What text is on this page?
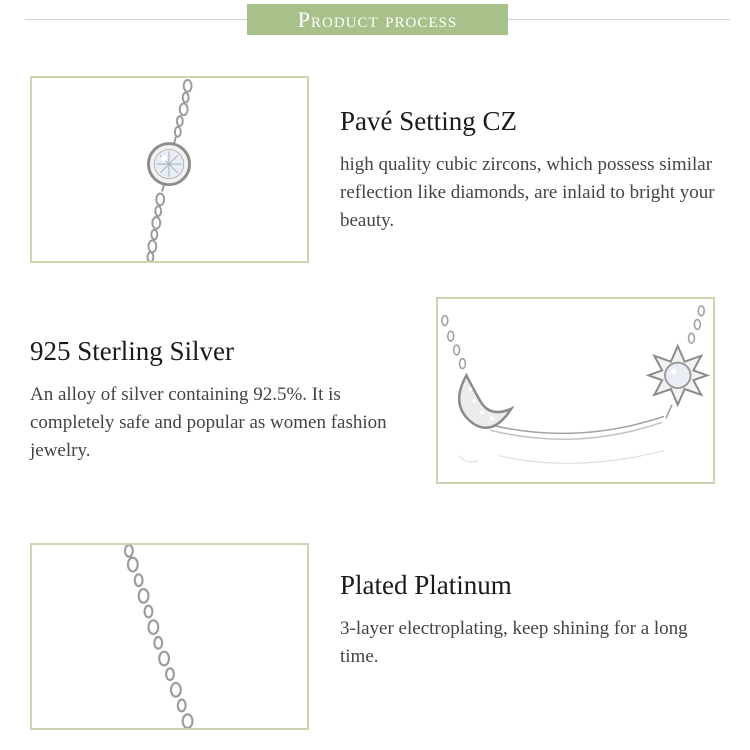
Product process
Pavé Setting CZ

high quality cubic zircons, which possess similar reflection like diamonds, are inlaid to bright your beauty.

925 Sterling Silver

An alloy of silver containing 92.5%. It is completely safe and popular as women fashion jewelry.

Plated Platinum

3-layer electroplating, keep shining for a long time.
